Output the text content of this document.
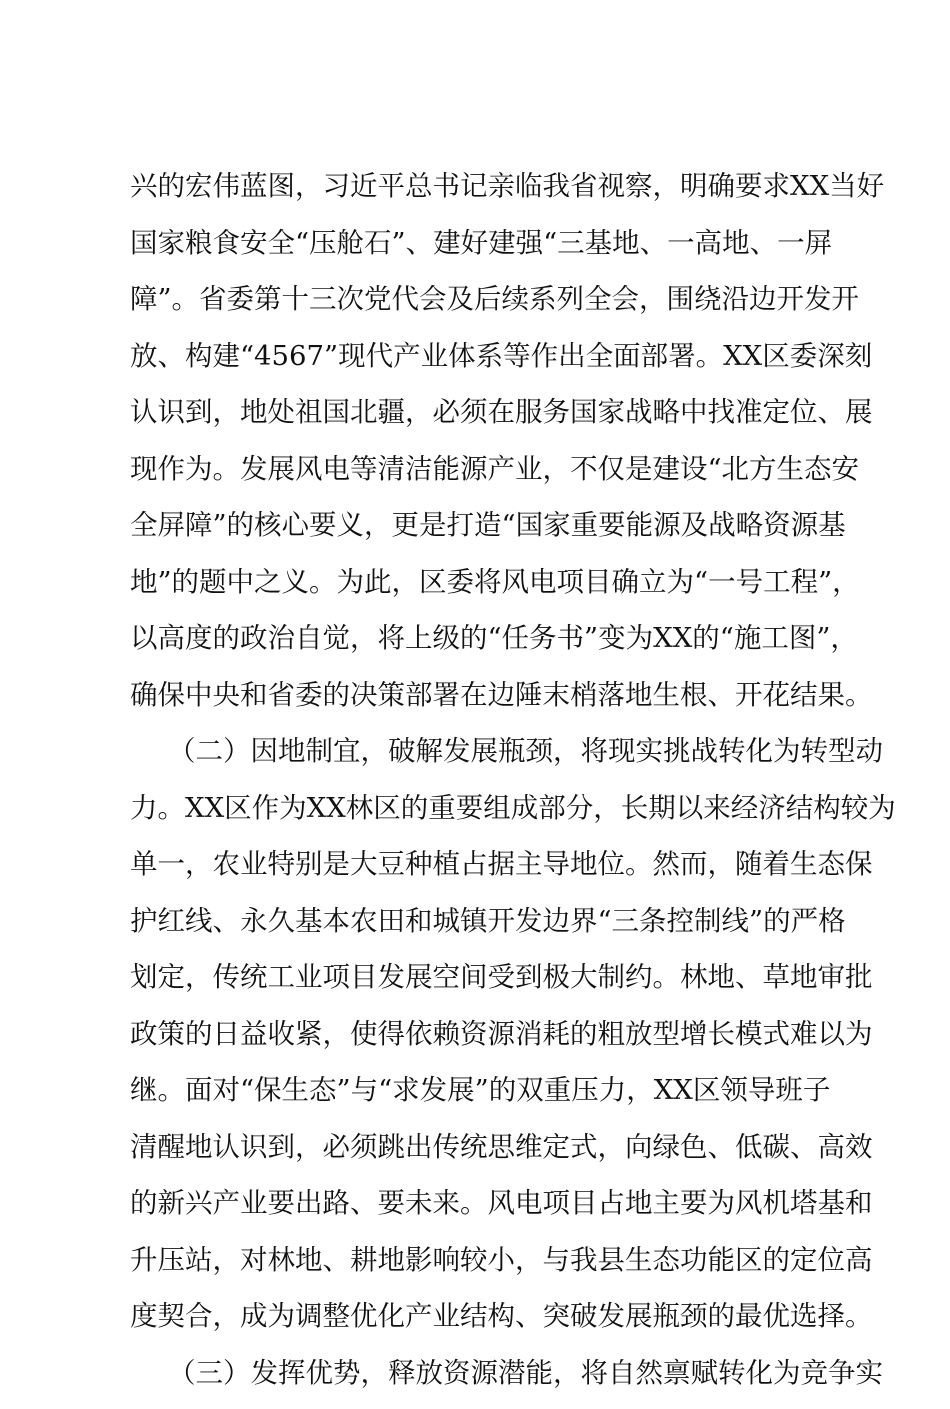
兴的宏伟蓝图，习近平总书记亲临我省视察，明确要求XX当好
国家粮食安全“压舱石”、建好建强“三基地、一高地、一屏
障”。省委第十三次党代会及后续系列全会，围绕沿边开发开
放、构建“4567”现代产业体系等作出全面部署。XX区委深刻
认识到，地处祖国北疆，必须在服务国家战略中找准定位、展
现作为。发展风电等清洁能源产业，不仅是建设“北方生态安
全屏障”的核心要义，更是打造“国家重要能源及战略资源基
地”的题中之义。为此，区委将风电项目确立为“一号工程”，
以高度的政治自觉，将上级的“任务书”变为XX的“施工图”，
确保中央和省委的决策部署在边陲末梢落地生根、开花结果。
（二）因地制宜，破解发展瓶颈，将现实挑战转化为转型动
力。XX区作为XX林区的重要组成部分，长期以来经济结构较为
单一，农业特别是大豆种植占据主导地位。然而，随着生态保
护红线、永久基本农田和城镇开发边界“三条控制线”的严格
划定，传统工业项目发展空间受到极大制约。林地、草地审批
政策的日益收紧，使得依赖资源消耗的粗放型增长模式难以为
继。面对“保生态”与“求发展”的双重压力，XX区领导班子
清醒地认识到，必须跳出传统思维定式，向绿色、低碳、高效
的新兴产业要出路、要未来。风电项目占地主要为风机塔基和
升压站，对林地、耕地影响较小，与我县生态功能区的定位高
度契合，成为调整优化产业结构、突破发展瓶颈的最优选择。
（三）发挥优势，释放资源潜能，将自然禀赋转化为竞争实
